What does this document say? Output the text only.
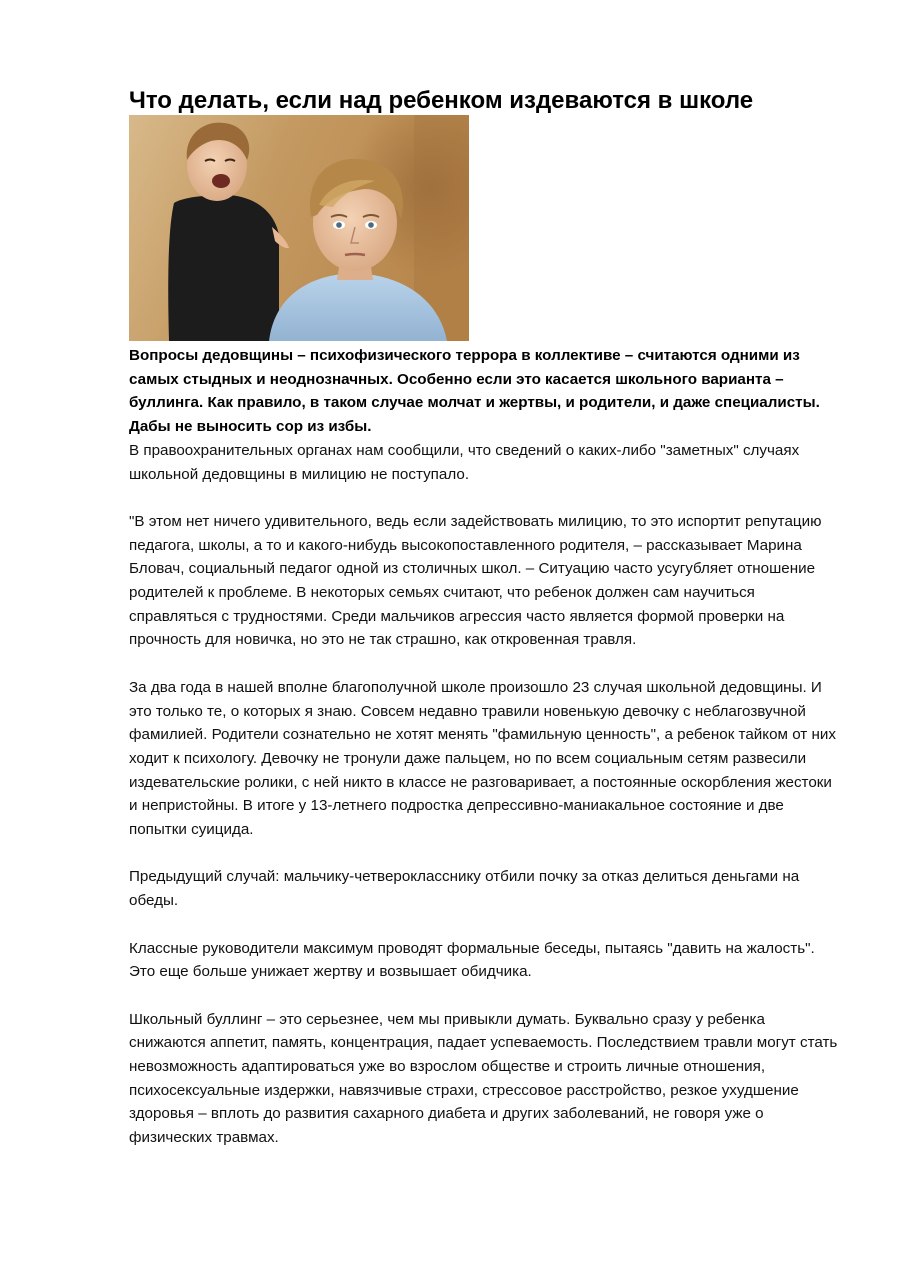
Что делать, если над ребенком издеваются в школе

Вопросы дедовщины – психофизического террора в коллективе – считаются одними из самых стыдных и неоднозначных. Особенно если это касается школьного варианта – буллинга. Как правило, в таком случае молчат и жертвы, и родители, и даже специалисты. Дабы не выносить сор из избы.

В правоохранительных органах нам сообщили, что сведений о каких-либо "заметных" случаях школьной дедовщины в милицию не поступало.

"В этом нет ничего удивительного, ведь если задействовать милицию, то это испортит репутацию педагога, школы, а то и какого-нибудь высокопоставленного родителя, – рассказывает Марина Бловач, социальный педагог одной из столичных школ. – Ситуацию часто усугубляет отношение родителей к проблеме. В некоторых семьях считают, что ребенок должен сам научиться справляться с трудностями. Среди мальчиков агрессия часто является формой проверки на прочность для новичка, но это не так страшно, как откровенная травля.

За два года в нашей вполне благополучной школе произошло 23 случая школьной дедовщины. И это только те, о которых я знаю. Совсем недавно травили новенькую девочку с неблагозвучной фамилией. Родители сознательно не хотят менять "фамильную ценность", а ребенок тайком от них ходит к психологу. Девочку не тронули даже пальцем, но по всем социальным сетям развесили издевательские ролики, с ней никто в классе не разговаривает, а постоянные оскорбления жестоки и непристойны. В итоге у 13-летнего подростка депрессивно-маниакальное состояние и две попытки суицида.

Предыдущий случай: мальчику-четверокласснику отбили почку за отказ делиться деньгами на обеды.

Классные руководители максимум проводят формальные беседы, пытаясь "давить на жалость". Это еще больше унижает жертву и возвышает обидчика.

Школьный буллинг – это серьезнее, чем мы привыкли думать. Буквально сразу у ребенка снижаются аппетит, память, концентрация, падает успеваемость. Последствием травли могут стать невозможность адаптироваться уже во взрослом обществе и строить личные отношения, психосексуальные издержки, навязчивые страхи, стрессовое расстройство, резкое ухудшение здоровья – вплоть до развития сахарного диабета и других заболеваний, не говоря уже о физических травмах.
